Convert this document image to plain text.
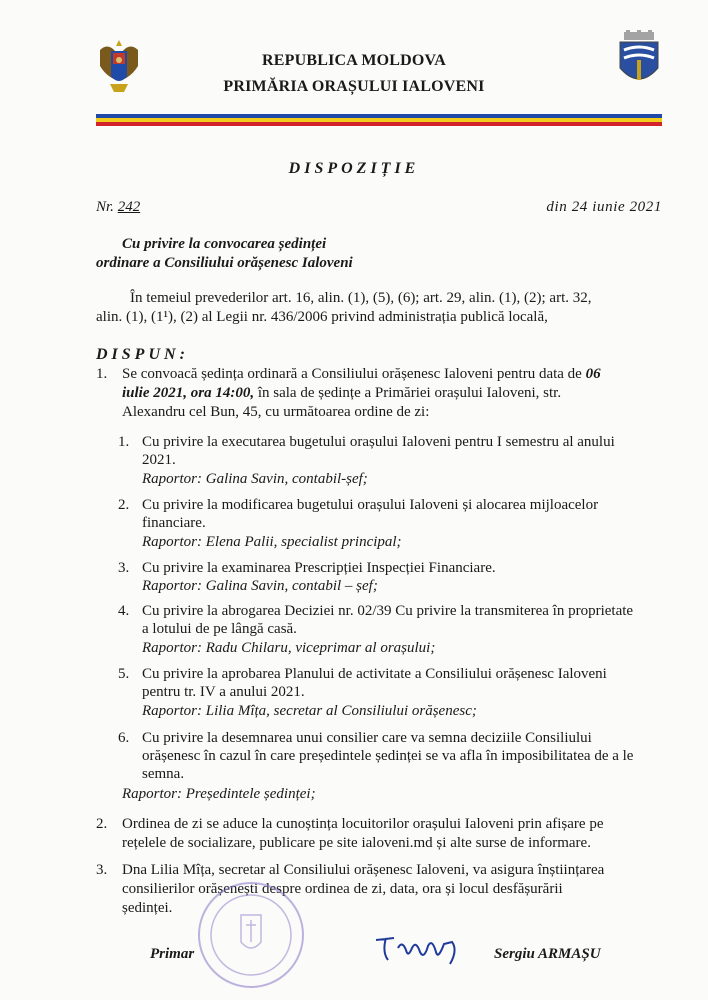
REPUBLICA MOLDOVA
PRIMĂRIA ORAȘULUI IALOVENI
DISPOZIȚIE
Nr. 242	din 24 iunie 2021
Cu privire la convocarea ședinței
ordinare a Consiliului orășenesc Ialoveni
În temeiul prevederilor art. 16, alin. (1), (5), (6); art. 29, alin. (1), (2); art. 32,
alin. (1), (1¹), (2) al Legii nr. 436/2006 privind administrația publică locală,
DISPUN:
1. Se convoacă ședința ordinară a Consiliului orășenesc Ialoveni pentru data de 06
iulie 2021, ora 14:00, în sala de ședințe a Primăriei orașului Ialoveni, str.
Alexandru cel Bun, 45, cu următoarea ordine de zi:
1. Cu privire la executarea bugetului orașului Ialoveni pentru I semestru al anului
2021.
Raportor: Galina Savin, contabil-șef;
2. Cu privire la modificarea bugetului orașului Ialoveni și alocarea mijloacelor
financiare.
Raportor: Elena Palii, specialist principal;
3. Cu privire la examinarea Prescripției Inspecției Financiare.
Raportor: Galina Savin, contabil – șef;
4. Cu privire la abrogarea Deciziei nr. 02/39 Cu privire la transmiterea în proprietate
a lotului de pe lângă casă.
Raportor: Radu Chilaru, viceprimar al orașului;
5. Cu privire la aprobarea Planului de activitate a Consiliului orășenesc Ialoveni
pentru tr. IV a anului 2021.
Raportor: Lilia Mîța, secretar al Consiliului orășenesc;
6. Cu privire la desemnarea unui consilier care va semna deciziile Consiliului
orășenesc în cazul în care președintele ședinței se va afla în imposibilitatea de a le
semna.
Raportor: Președintele ședinței;
2. Ordinea de zi se aduce la cunoștința locuitorilor orașului Ialoveni prin afișare pe
rețelele de socializare, publicare pe site ialoveni.md și alte surse de informare.
3. Dna Lilia Mîța, secretar al Consiliului orășenesc Ialoveni, va asigura înștiințarea
consilierilor orășenești despre ordinea de zi, data, ora și locul desfășurării
ședinței.
Primar	Sergiu ARMAȘU
